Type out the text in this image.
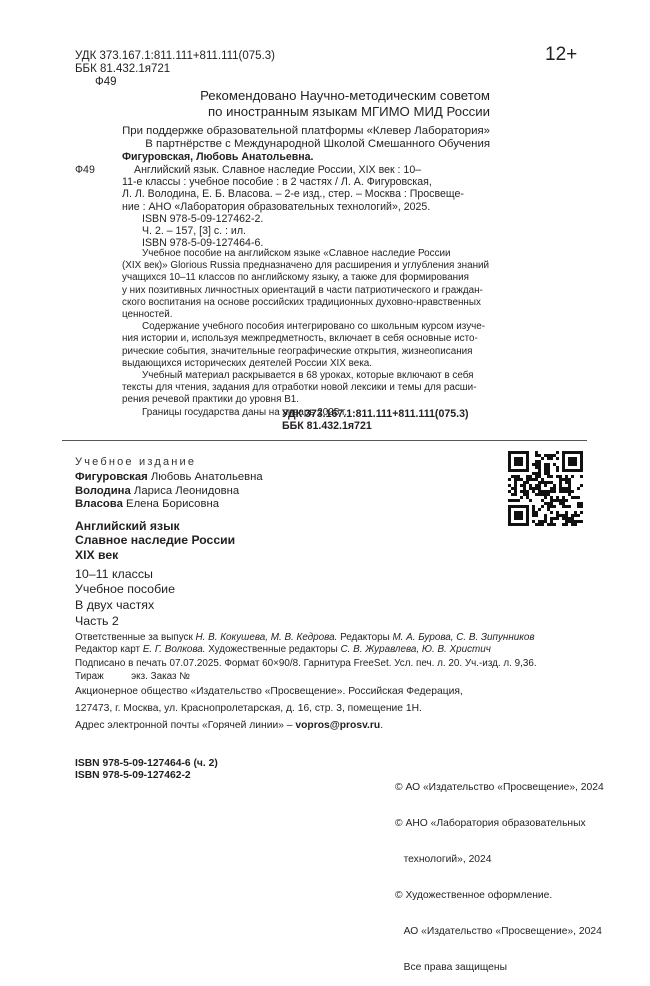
УДК 373.167.1:811.111+811.111(075.3)
ББК 81.432.1я721
Ф49
12+
Рекомендовано Научно-методическим советом
по иностранным языкам МГИМО МИД России
При поддержке образовательной платформы «Клевер Лаборатория»
В партнёрстве с Международной Школой Смешанного Обучения
Ф49
Фигуровская, Любовь Анатольевна.
Английский язык. Славное наследие России, XIX век : 10–
11-е классы : учебное пособие : в 2 частях / Л. А. Фигуровская,
Л. Л. Володина, Е. Б. Власова. – 2-е изд., стер. – Москва : Просвеще-
ние : АНО «Лаборатория образовательных технологий», 2025.
ISBN 978-5-09-127462-2.
Ч. 2. – 157, [3] с. : ил.
ISBN 978-5-09-127464-6.
Учебное пособие на английском языке «Славное наследие России
(XIX век)» Glorious Russia предназначено для расширения и углубления знаний
учащихся 10–11 классов по английскому языку, а также для формирования
у них позитивных личностных ориентаций в части патриотического и граждан-
ского воспитания на основе российских традиционных духовно-нравственных
ценностей.
Содержание учебного пособия интегрировано со школьным курсом изуче-
ния истории и, используя межпредметность, включает в себя основные исто-
рические события, значительные географические открытия, жизнеописания
выдающихся исторических деятелей России XIX века.
Учебный материал раскрывается в 68 уроках, которые включают в себя
тексты для чтения, задания для отработки новой лексики и темы для расши-
рения речевой практики до уровня B1.
Границы государства даны на январь 2025 г.
УДК 373.167.1:811.111+811.111(075.3)
ББК 81.432.1я721
Учебное издание
Фигуровская Любовь Анатольевна
Володина Лариса Леонидовна
Власова Елена Борисовна
Английский язык
Славное наследие России
XIX век
10–11 классы
Учебное пособие
В двух частях
Часть 2
Ответственные за выпуск Н. В. Кокушева, М. В. Кедрова. Редакторы М. А. Бурова, С. В. Зипунников
Редактор карт Е. Г. Волкова. Художественные редакторы С. В. Журавлева, Ю. В. Христич
Подписано в печать 07.07.2025. Формат 60×90/8. Гарнитура FreeSet. Усл. печ. л. 20. Уч.-изд. л. 9,36.
Тираж          экз. Заказ №
Акционерное общество «Издательство «Просвещение». Российская Федерация,
127473, г. Москва, ул. Краснопролетарская, д. 16, стр. 3, помещение 1Н.
Адрес электронной почты «Горячей линии» – vopros@prosv.ru.
ISBN 978-5-09-127464-6 (ч. 2)
ISBN 978-5-09-127462-2

© АО «Издательство «Просвещение», 2024

© АНО «Лаборатория образовательных

технологий», 2024

© Художественное оформление.

АО «Издательство «Просвещение», 2024

Все права защищены
